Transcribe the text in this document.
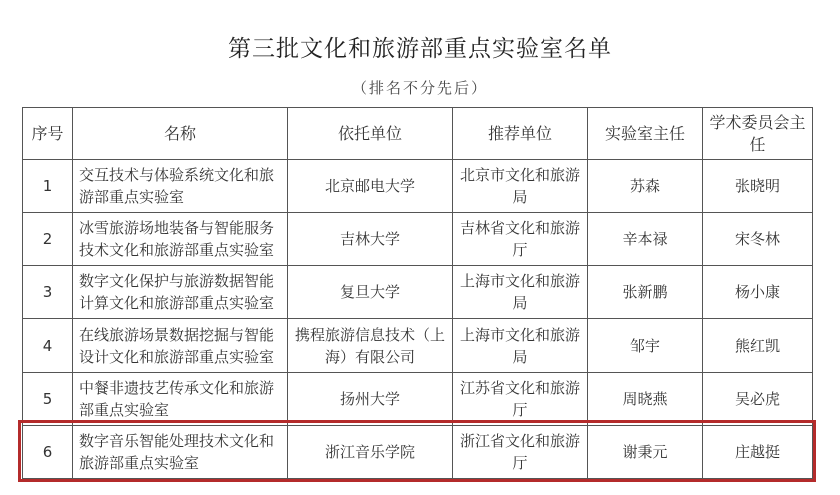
第三批文化和旅游部重点实验室名单
（排名不分先后）
序号	名称	依托单位	推荐单位	实验室主任	学术委员会主任
1	交互技术与体验系统文化和旅游部重点实验室	北京邮电大学	北京市文化和旅游局	苏森	张晓明
2	冰雪旅游场地装备与智能服务技术文化和旅游部重点实验室	吉林大学	吉林省文化和旅游厅	辛本禄	宋冬林
3	数字文化保护与旅游数据智能计算文化和旅游部重点实验室	复旦大学	上海市文化和旅游局	张新鹏	杨小康
4	在线旅游场景数据挖掘与智能设计文化和旅游部重点实验室	携程旅游信息技术（上海）有限公司	上海市文化和旅游局	邹宇	熊红凯
5	中餐非遗技艺传承文化和旅游部重点实验室	扬州大学	江苏省文化和旅游厅	周晓燕	吴必虎
6	数字音乐智能处理技术文化和旅游部重点实验室	浙江音乐学院	浙江省文化和旅游厅	谢秉元	庄越挺
